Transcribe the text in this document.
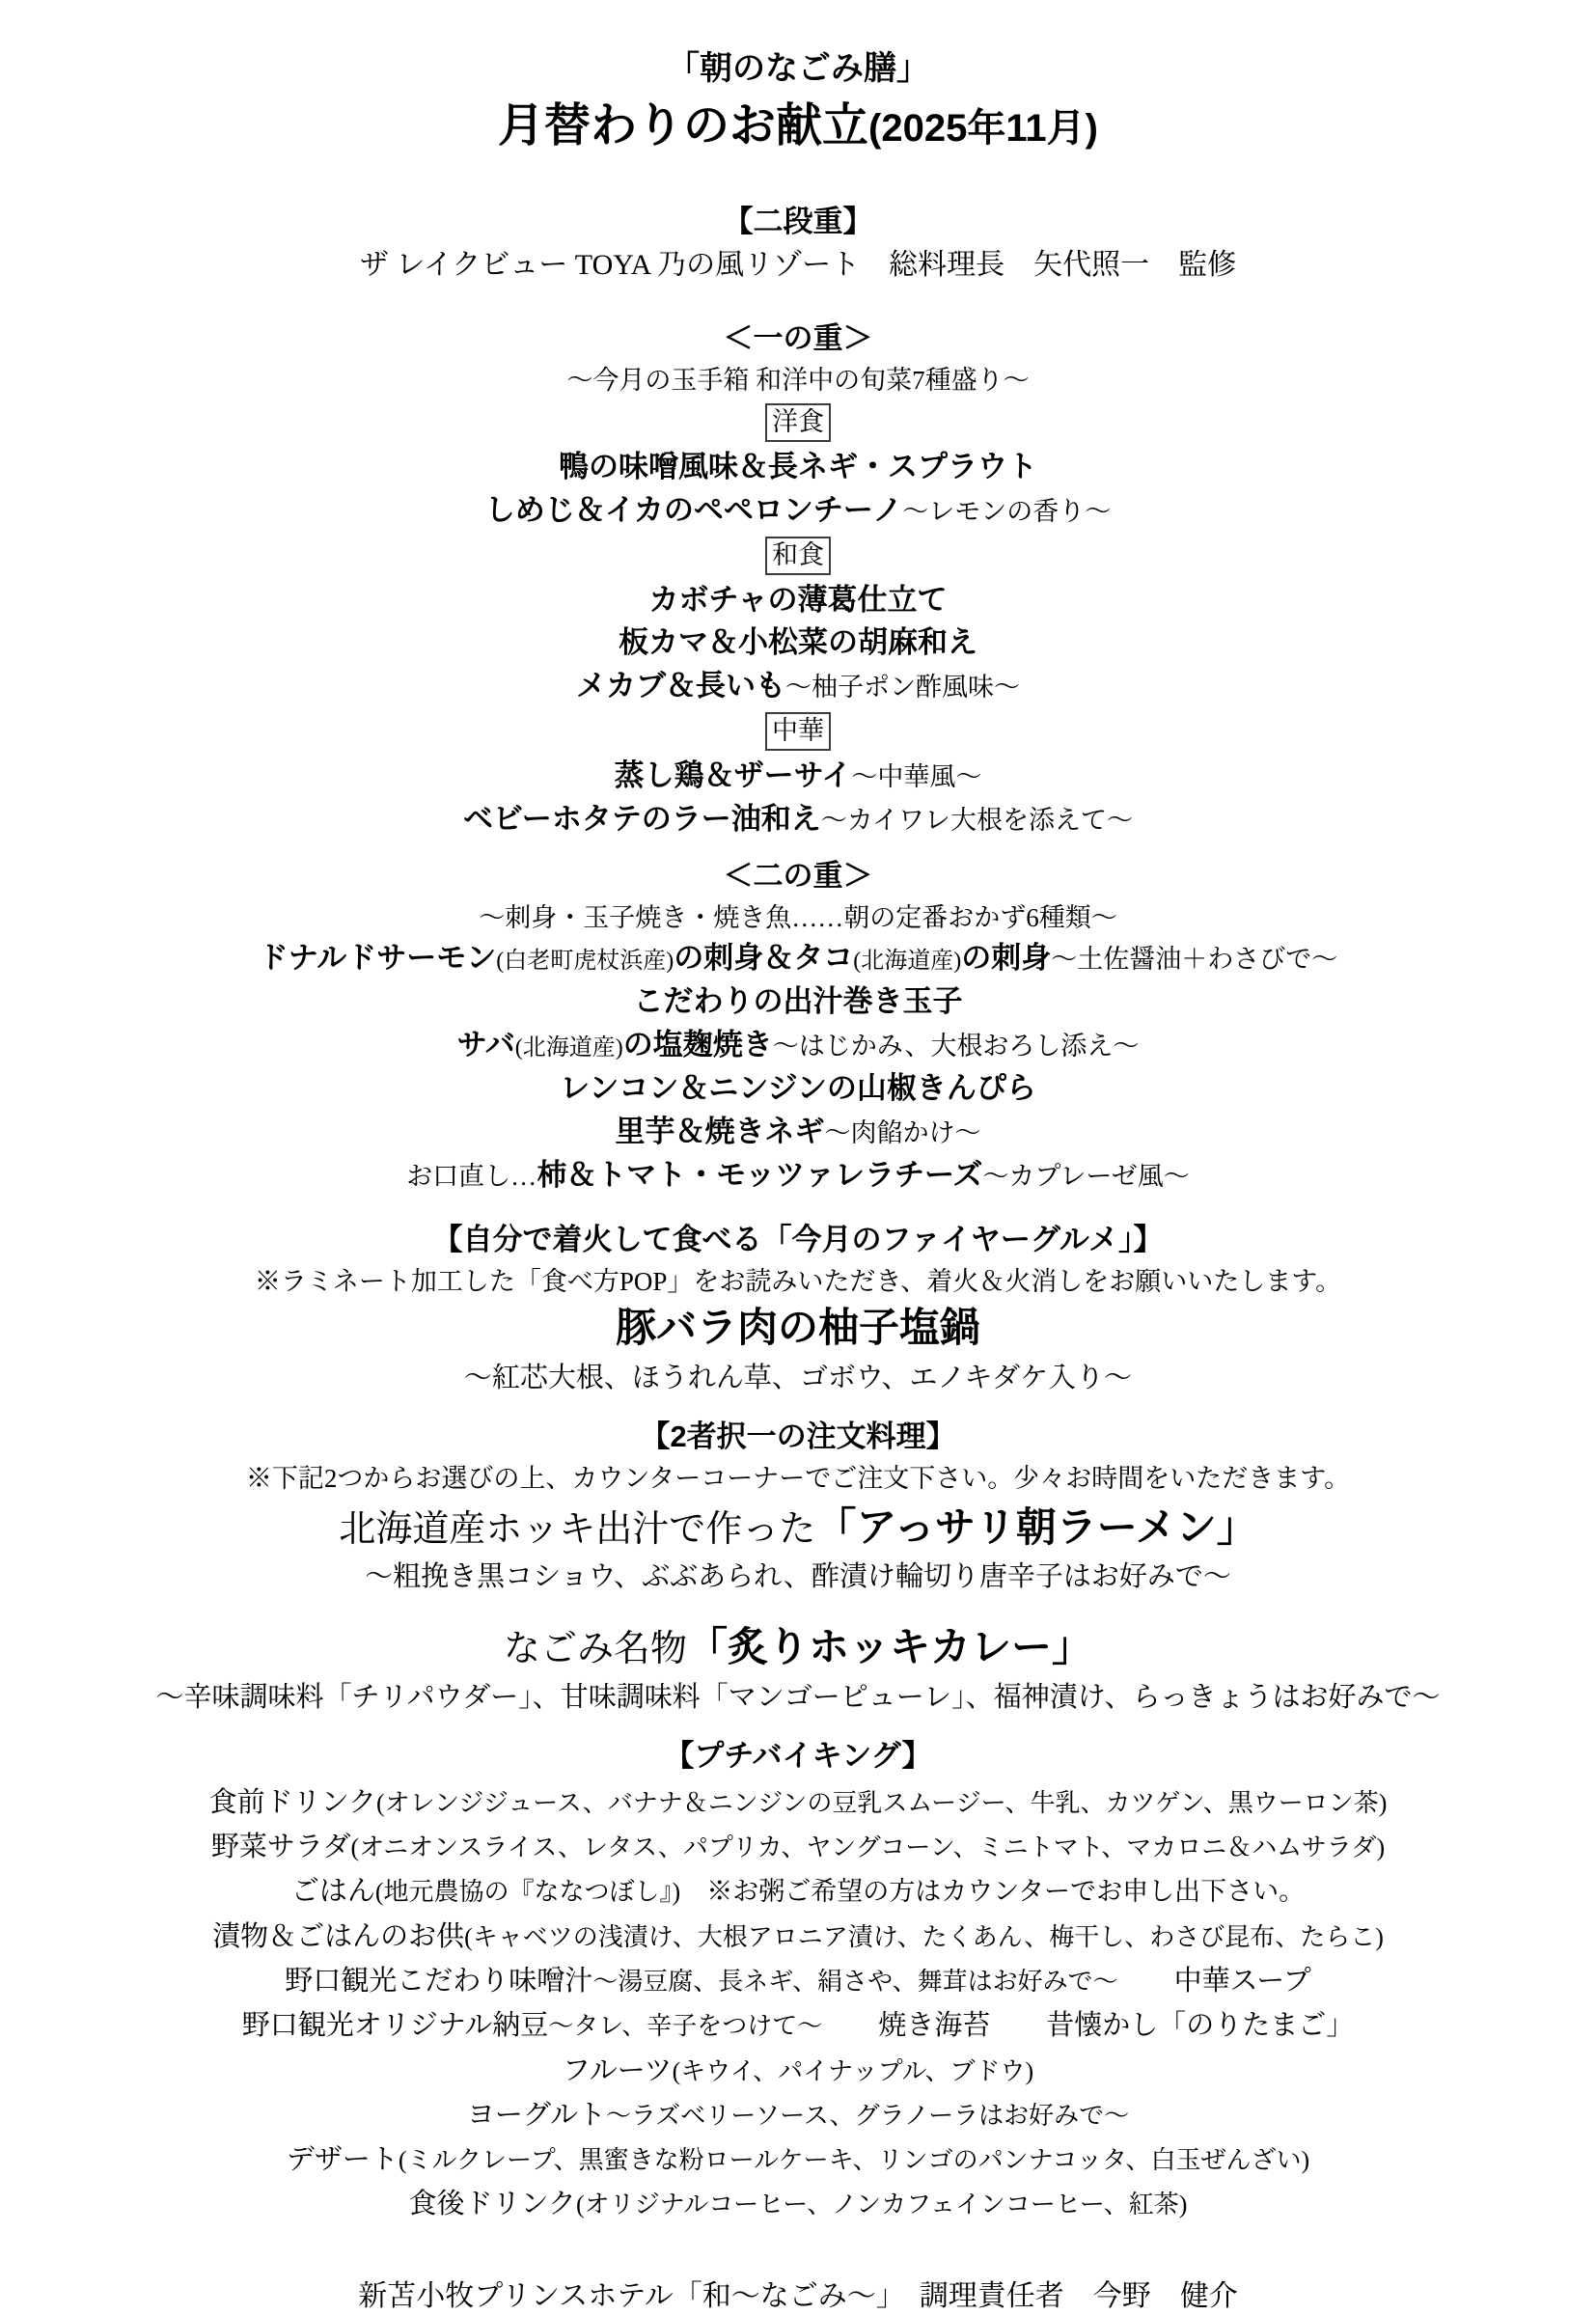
「朝のなごみ膳」
月替わりのお献立(2025年11月)
【二段重】
ザ レイクビュー TOYA 乃の風リゾート　総料理長　矢代照一　監修
＜一の重＞
～今月の玉手箱 和洋中の旬菜7種盛り～
洋食
鴨の味噌風味＆長ネギ・スプラウト
しめじ＆イカのペペロンチーノ～レモンの香り～
和食
カボチャの薄葛仕立て
板カマ＆小松菜の胡麻和え
メカブ＆長いも～柚子ポン酢風味～
中華
蒸し鶏＆ザーサイ～中華風～
ベビーホタテのラー油和え～カイワレ大根を添えて～
＜二の重＞
～刺身・玉子焼き・焼き魚……朝の定番おかず6種類～
ドナルドサーモン(白老町虎杖浜産)の刺身＆タコ(北海道産)の刺身～土佐醤油＋わさびで～
こだわりの出汁巻き玉子
サバ(北海道産)の塩麹焼き～はじかみ、大根おろし添え～
レンコン＆ニンジンの山椒きんぴら
里芋＆焼きネギ～肉餡かけ～
お口直し…柿＆トマト・モッツァレラチーズ～カプレーゼ風～
【自分で着火して食べる「今月のファイヤーグルメ」】
※ラミネート加工した「食べ方POP」をお読みいただき、着火＆火消しをお願いいたします。
豚バラ肉の柚子塩鍋
～紅芯大根、ほうれん草、ゴボウ、エノキダケ入り～
【2者択一の注文料理】
※下記2つからお選びの上、カウンターコーナーでご注文下さい。少々お時間をいただきます。
北海道産ホッキ出汁で作った「アっサリ朝ラーメン」
～粗挽き黒コショウ、ぶぶあられ、酢漬け輪切り唐辛子はお好みで～
なごみ名物「炙りホッキカレー」
～辛味調味料「チリパウダー」、甘味調味料「マンゴーピューレ」、福神漬け、らっきょうはお好みで～
【プチバイキング】
食前ドリンク(オレンジジュース、バナナ＆ニンジンの豆乳スムージー、牛乳、カツゲン、黒ウーロン茶)
野菜サラダ(オニオンスライス、レタス、パプリカ、ヤングコーン、ミニトマト、マカロニ＆ハムサラダ)
ごはん(地元農協の『ななつぼし』)　※お粥ご希望の方はカウンターでお申し出下さい。
漬物＆ごはんのお供(キャベツの浅漬け、大根アロニア漬け、たくあん、梅干し、わさび昆布、たらこ)
野口観光こだわり味噌汁～湯豆腐、長ネギ、絹さや、舞茸はお好みで～　　中華スープ
野口観光オリジナル納豆～タレ、辛子をつけて～　　焼き海苔　　昔懐かし「のりたまご」
フルーツ(キウイ、パイナップル、ブドウ)
ヨーグルト～ラズベリーソース、グラノーラはお好みで～
デザート(ミルクレープ、黒蜜きな粉ロールケーキ、リンゴのパンナコッタ、白玉ぜんざい)
食後ドリンク(オリジナルコーヒー、ノンカフェインコーヒー、紅茶)
新苫小牧プリンスホテル「和～なごみ～」　調理責任者　今野　健介
